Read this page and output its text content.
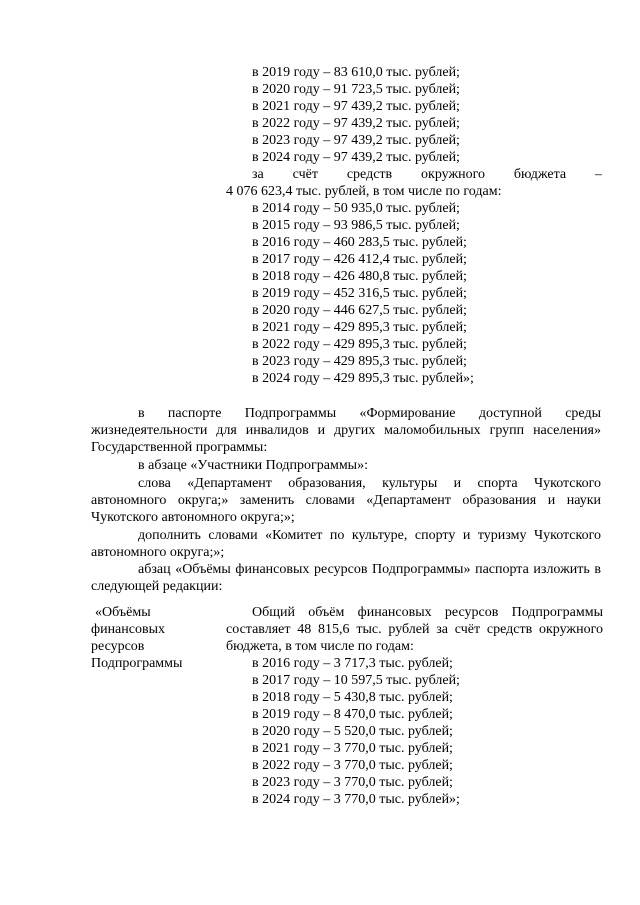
в 2019 году – 83 610,0 тыс. рублей;
в 2020 году – 91 723,5 тыс. рублей;
в 2021 году – 97 439,2 тыс. рублей;
в 2022 году – 97 439,2 тыс. рублей;
в 2023 году – 97 439,2 тыс. рублей;
в 2024 году – 97 439,2 тыс. рублей;
за счёт средств окружного бюджета –
4 076 623,4 тыс. рублей, в том числе по годам:
в 2014 году – 50 935,0 тыс. рублей;
в 2015 году – 93 986,5 тыс. рублей;
в 2016 году – 460 283,5 тыс. рублей;
в 2017 году – 426 412,4 тыс. рублей;
в 2018 году – 426 480,8 тыс. рублей;
в 2019 году – 452 316,5 тыс. рублей;
в 2020 году – 446 627,5 тыс. рублей;
в 2021 году – 429 895,3 тыс. рублей;
в 2022 году – 429 895,3 тыс. рублей;
в 2023 году – 429 895,3 тыс. рублей;
в 2024 году – 429 895,3 тыс. рублей»;
в паспорте Подпрограммы «Формирование доступной среды жизнедеятельности для инвалидов и других маломобильных групп населения» Государственной программы:
в абзаце «Участники Подпрограммы»:
слова «Департамент образования, культуры и спорта Чукотского автономного округа;» заменить словами «Департамент образования и науки Чукотского автономного округа;»;
дополнить словами «Комитет по культуре, спорту и туризму Чукотского автономного округа;»;
абзац «Объёмы финансовых ресурсов Подпрограммы» паспорта изложить в следующей редакции:
«Объёмы
финансовых
ресурсов
Подпрограммы
Общий объём финансовых ресурсов Подпрограммы составляет 48 815,6 тыс. рублей за счёт средств окружного бюджета, в том числе по годам:
в 2016 году – 3 717,3 тыс. рублей;
в 2017 году – 10 597,5 тыс. рублей;
в 2018 году – 5 430,8 тыс. рублей;
в 2019 году – 8 470,0 тыс. рублей;
в 2020 году – 5 520,0 тыс. рублей;
в 2021 году – 3 770,0 тыс. рублей;
в 2022 году – 3 770,0 тыс. рублей;
в 2023 году – 3 770,0 тыс. рублей;
в 2024 году – 3 770,0 тыс. рублей»;
